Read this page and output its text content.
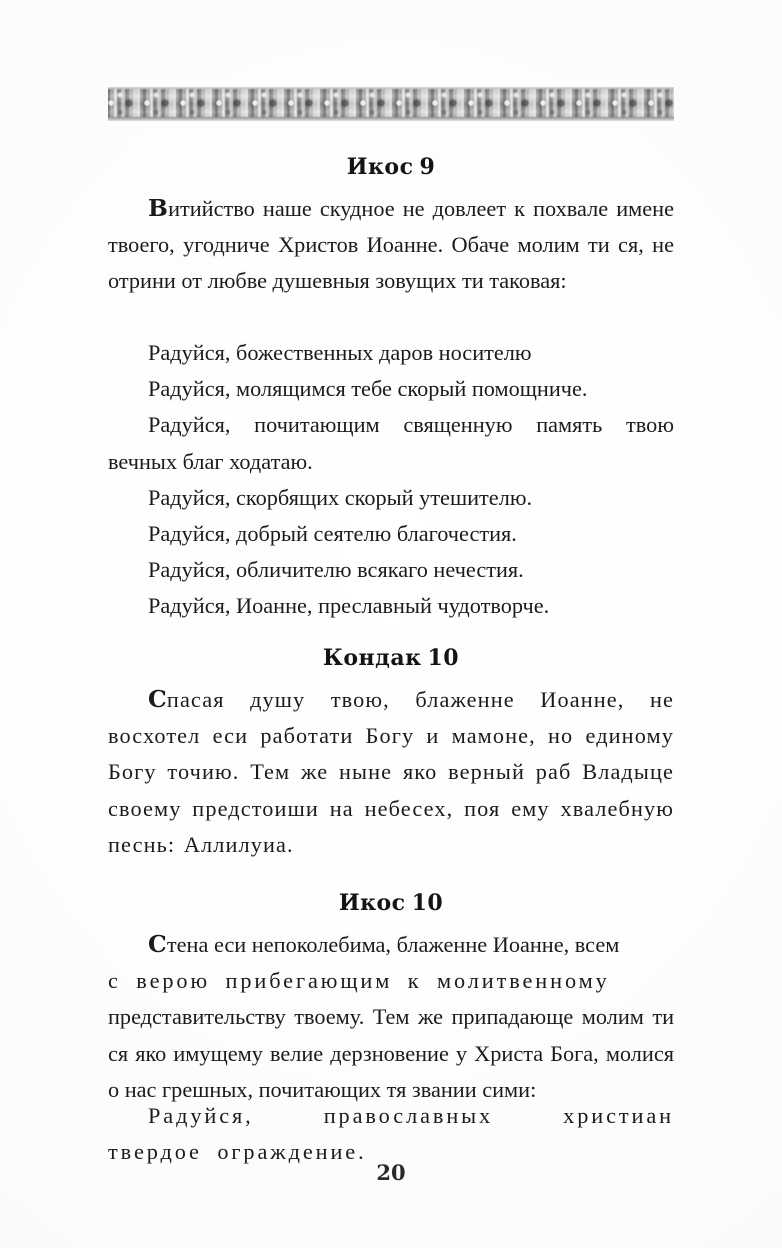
Икос 9

Витийство наше скудное не довлеет к похвале имене твоего, угодниче Христов Иоанне. Обаче молим ти ся, не отрини от любве душевныя зовущих ти таковая:

Радуйся, божественных даров носителю

Радуйся, молящимся тебе скорый помощниче.

Радуйся, почитающим священную память твою вечных благ ходатаю.

Радуйся, скорбящих скорый утешителю.

Радуйся, добрый сеятелю благочестия.

Радуйся, обличителю всякаго нечестия.

Радуйся, Иоанне, преславный чудотворче.

Кондак 10

Спасая душу твою, блаженне Иоанне, не восхотел еси работати Богу и мамоне, но единому Богу точию. Тем же ныне яко верный раб Владыце своему предстоиши на небесех, поя ему хвалебную песнь: Аллилуиа.

Икос 10

Стена еси непоколебима, блаженне Иоанне, всем

с верою прибегающим к молитвенному

представительству твоему. Тем же припадающе молим ти ся яко имущему велие дерзновение у Христа Бога, молися о нас грешных, почитающих тя звании сими:

Радуйся, православных христиан твердое ограждение.

20
